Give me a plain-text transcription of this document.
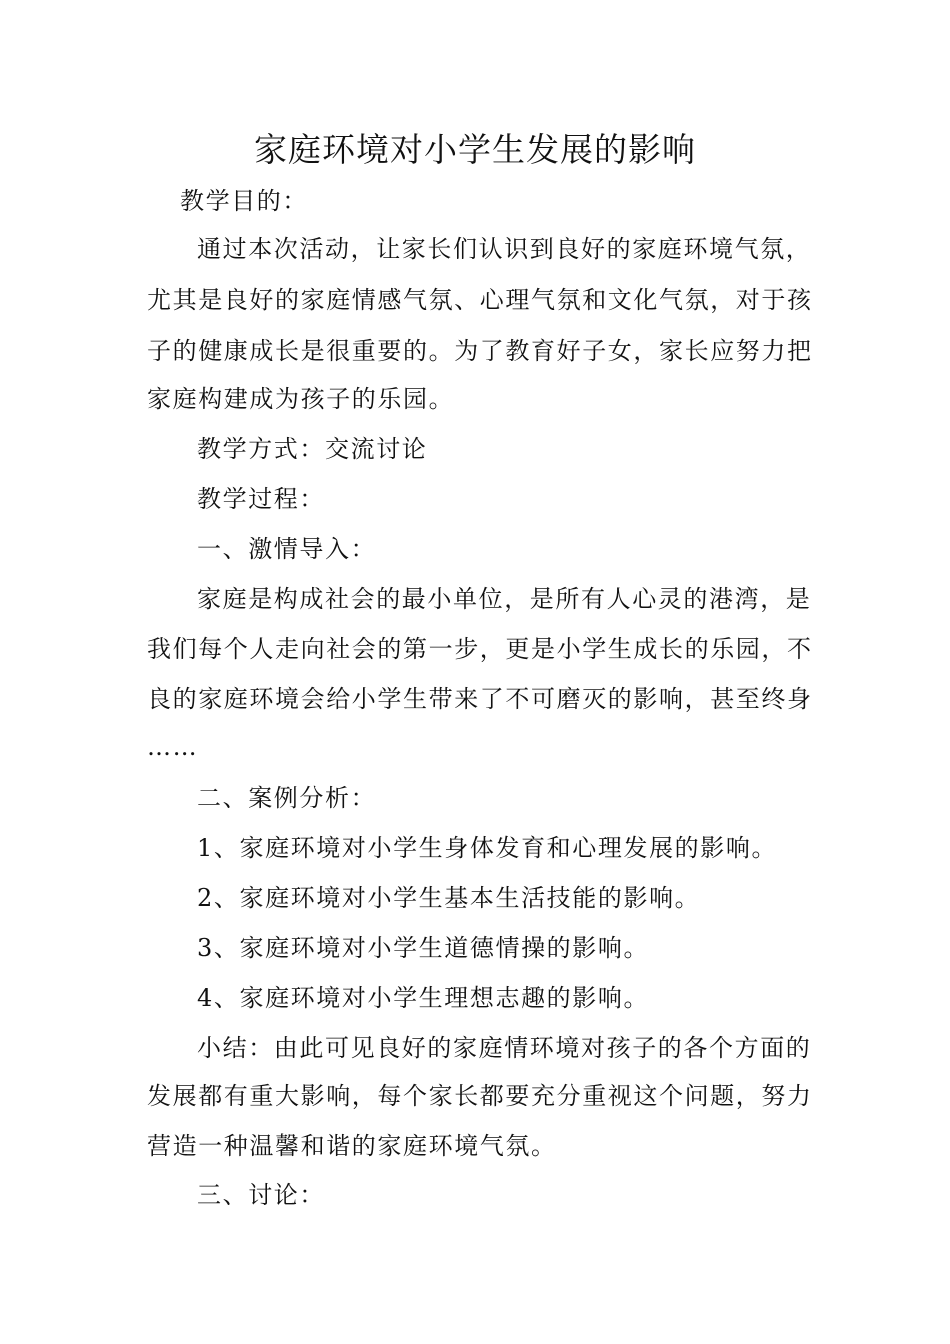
家庭环境对小学生发展的影响

教学目的：

通过本次活动，让家长们认识到良好的家庭环境气氛，

尤其是良好的家庭情感气氛、心理气氛和文化气氛，对于孩

子的健康成长是很重要的。为了教育好子女，家长应努力把

家庭构建成为孩子的乐园。

教学方式：交流讨论

教学过程：

一、激情导入：

家庭是构成社会的最小单位，是所有人心灵的港湾，是

我们每个人走向社会的第一步，更是小学生成长的乐园，不

良的家庭环境会给小学生带来了不可磨灭的影响，甚至终身

……

二、案例分析：

1、家庭环境对小学生身体发育和心理发展的影响。

2、家庭环境对小学生基本生活技能的影响。

3、家庭环境对小学生道德情操的影响。

4、家庭环境对小学生理想志趣的影响。

小结：由此可见良好的家庭情环境对孩子的各个方面的

发展都有重大影响，每个家长都要充分重视这个问题，努力

营造一种温馨和谐的家庭环境气氛。

三、讨论：
